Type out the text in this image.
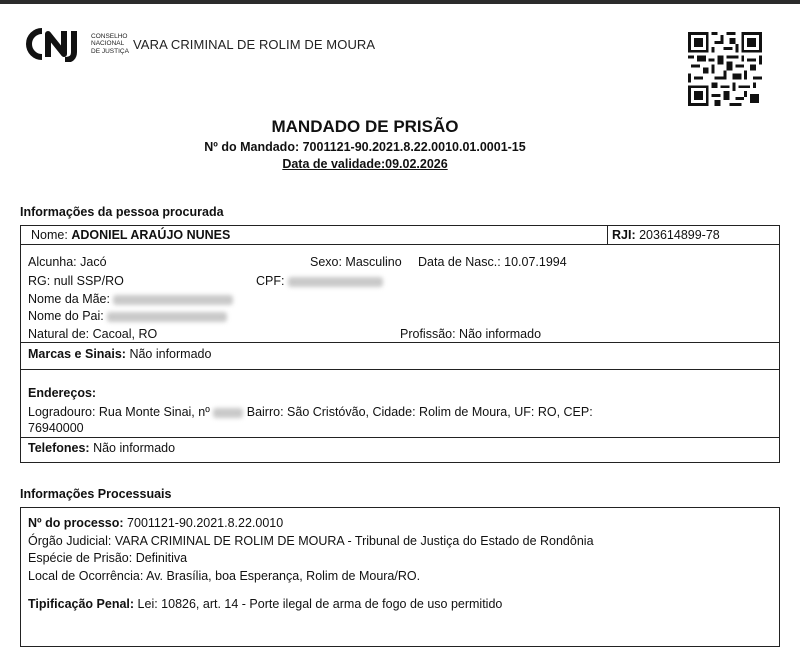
CONSELHO
NACIONAL
DE JUSTIÇA VARA CRIMINAL DE ROLIM DE MOURA
MANDADO DE PRISÃO
Nº do Mandado: 7001121-90.2021.8.22.0010.01.0001-15
Data de validade:09.02.2026
Informações da pessoa procurada
Nome: ADONIEL ARAÚJO NUNES	RJI: 203614899-78
Alcunha: Jacó	Sexo: Masculino Data de Nasc.: 10.07.1994
RG: null SSP/RO	CPF:
Nome da Mãe:
Nome do Pai:
Natural de: Cacoal, RO	Profissão: Não informado
Marcas e Sinais: Não informado
Endereços:
Logradouro: Rua Monte Sinai, nº	Bairro: São Cristóvão, Cidade: Rolim de Moura, UF: RO, CEP:
76940000
Telefones: Não informado
Informações Processuais
Nº do processo: 7001121-90.2021.8.22.0010
Órgão Judicial: VARA CRIMINAL DE ROLIM DE MOURA - Tribunal de Justiça do Estado de Rondônia
Espécie de Prisão: Definitiva
Local de Ocorrência: Av. Brasília, boa Esperança, Rolim de Moura/RO.
Tipificação Penal: Lei: 10826, art. 14 - Porte ilegal de arma de fogo de uso permitido
